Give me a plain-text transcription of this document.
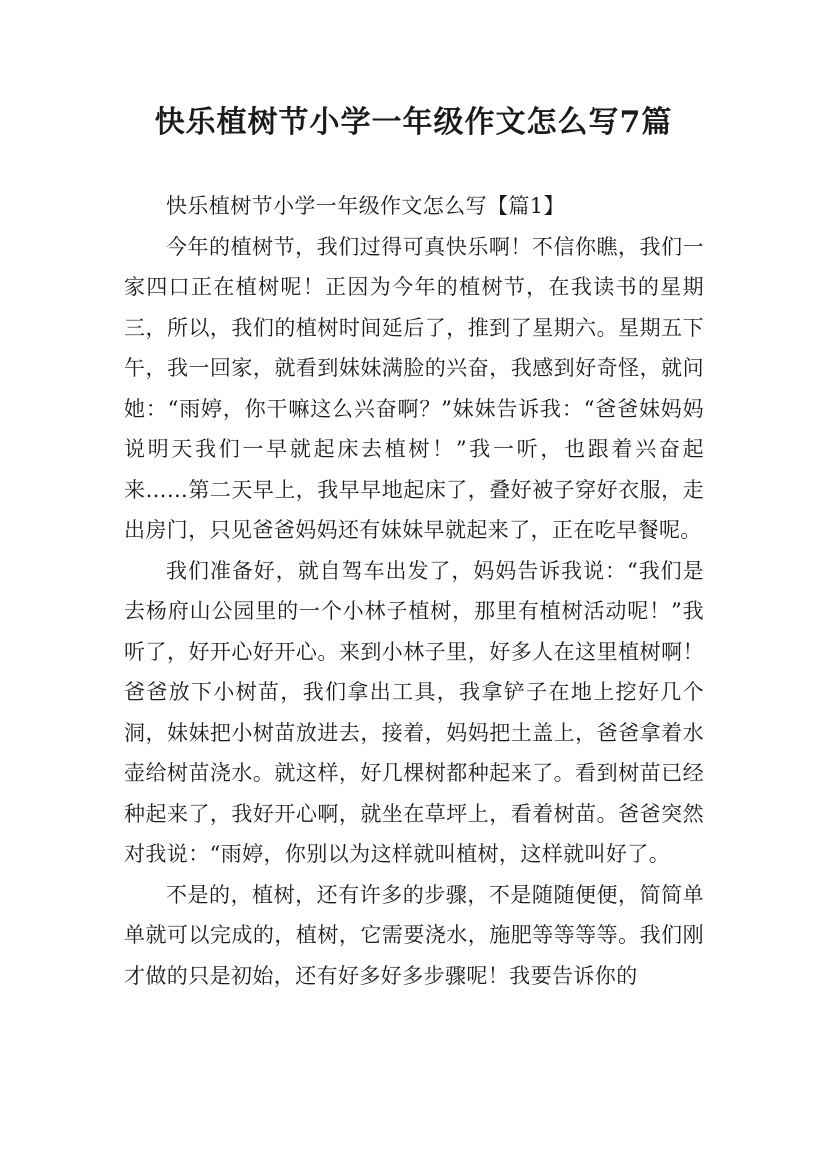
快乐植树节小学一年级作文怎么写7篇

快乐植树节小学一年级作文怎么写【篇1】

今年的植树节，我们过得可真快乐啊！不信你瞧，我们一家四口正在植树呢！正因为今年的植树节，在我读书的星期三，所以，我们的植树时间延后了，推到了星期六。星期五下午，我一回家，就看到妹妹满脸的兴奋，我感到好奇怪，就问她：“雨婷，你干嘛这么兴奋啊？”妹妹告诉我：“爸爸妹妈妈说明天我们一早就起床去植树！”我一听，也跟着兴奋起来……第二天早上，我早早地起床了，叠好被子穿好衣服，走出房门，只见爸爸妈妈还有妹妹早就起来了，正在吃早餐呢。

我们准备好，就自驾车出发了，妈妈告诉我说：“我们是去杨府山公园里的一个小林子植树，那里有植树活动呢！”我听了，好开心好开心。来到小林子里，好多人在这里植树啊！爸爸放下小树苗，我们拿出工具，我拿铲子在地上挖好几个洞，妹妹把小树苗放进去，接着，妈妈把土盖上，爸爸拿着水壶给树苗浇水。就这样，好几棵树都种起来了。看到树苗已经种起来了，我好开心啊，就坐在草坪上，看着树苗。爸爸突然对我说：“雨婷，你别以为这样就叫植树，这样就叫好了。

不是的，植树，还有许多的步骤，不是随随便便，简简单单就可以完成的，植树，它需要浇水，施肥等等等等。我们刚才做的只是初始，还有好多好多步骤呢！我要告诉你的
